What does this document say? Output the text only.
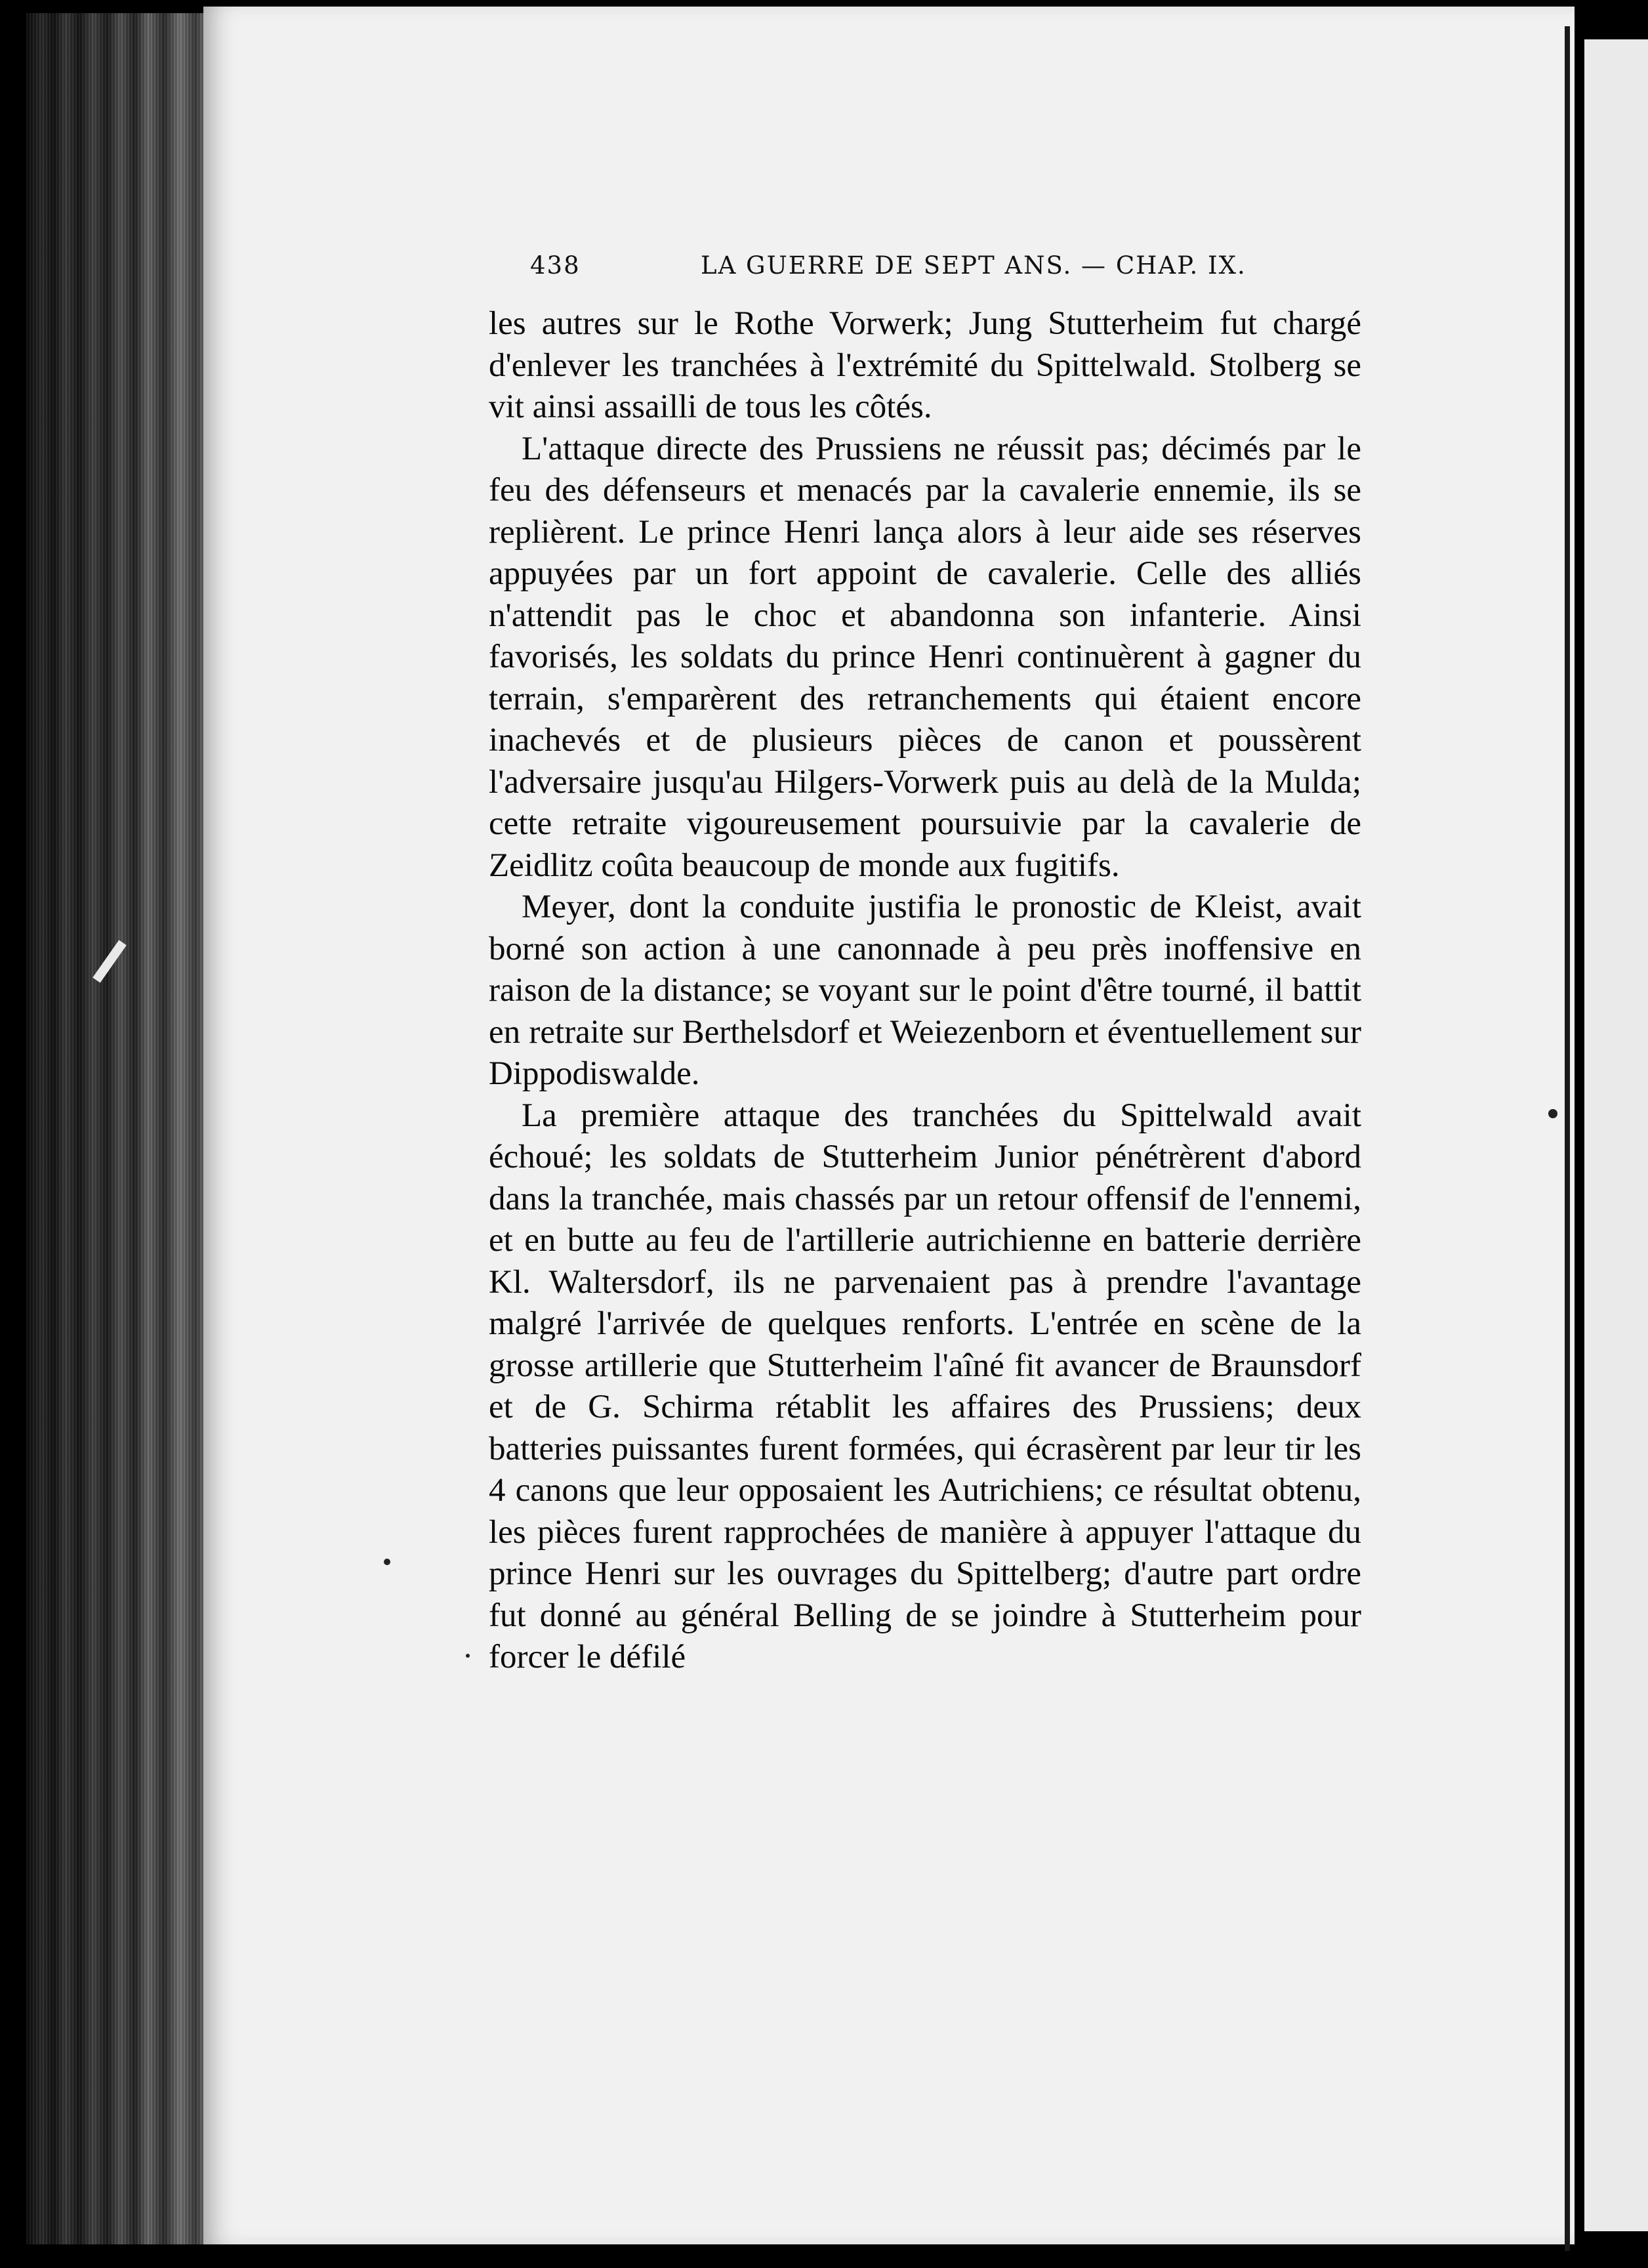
438	LA GUERRE DE SEPT ANS. — CHAP. IX.

les autres sur le Rothe Vorwerk; Jung Stutterheim fut chargé d'enlever les tranchées à l'extrémité du Spittelwald. Stolberg se vit ainsi assailli de tous les côtés.

L'attaque directe des Prussiens ne réussit pas; décimés par le feu des défenseurs et menacés par la cavalerie ennemie, ils se replièrent. Le prince Henri lança alors à leur aide ses réserves appuyées par un fort appoint de cavalerie. Celle des alliés n'attendit pas le choc et abandonna son infanterie. Ainsi favorisés, les soldats du prince Henri continuèrent à gagner du terrain, s'emparèrent des retranchements qui étaient encore inachevés et de plusieurs pièces de canon et poussèrent l'adversaire jusqu'au Hilgers-Vorwerk puis au delà de la Mulda; cette retraite vigoureusement poursuivie par la cavalerie de Zeidlitz coûta beaucoup de monde aux fugitifs.

Meyer, dont la conduite justifia le pronostic de Kleist, avait borné son action à une canonnade à peu près inoffensive en raison de la distance; se voyant sur le point d'être tourné, il battit en retraite sur Berthelsdorf et Weiezenborn et éventuellement sur Dippodiswalde.

La première attaque des tranchées du Spittelwald avait échoué; les soldats de Stutterheim Junior pénétrèrent d'abord dans la tranchée, mais chassés par un retour offensif de l'ennemi, et en butte au feu de l'artillerie autrichienne en batterie derrière Kl. Waltersdorf, ils ne parvenaient pas à prendre l'avantage malgré l'arrivée de quelques renforts. L'entrée en scène de la grosse artillerie que Stutterheim l'aîné fit avancer de Braunsdorf et de G. Schirma rétablit les affaires des Prussiens; deux batteries puissantes furent formées, qui écrasèrent par leur tir les 4 canons que leur opposaient les Autrichiens; ce résultat obtenu, les pièces furent rapprochées de manière à appuyer l'attaque du prince Henri sur les ouvrages du Spittelberg; d'autre part ordre fut donné au général Belling de se joindre à Stutterheim pour forcer le défilé
